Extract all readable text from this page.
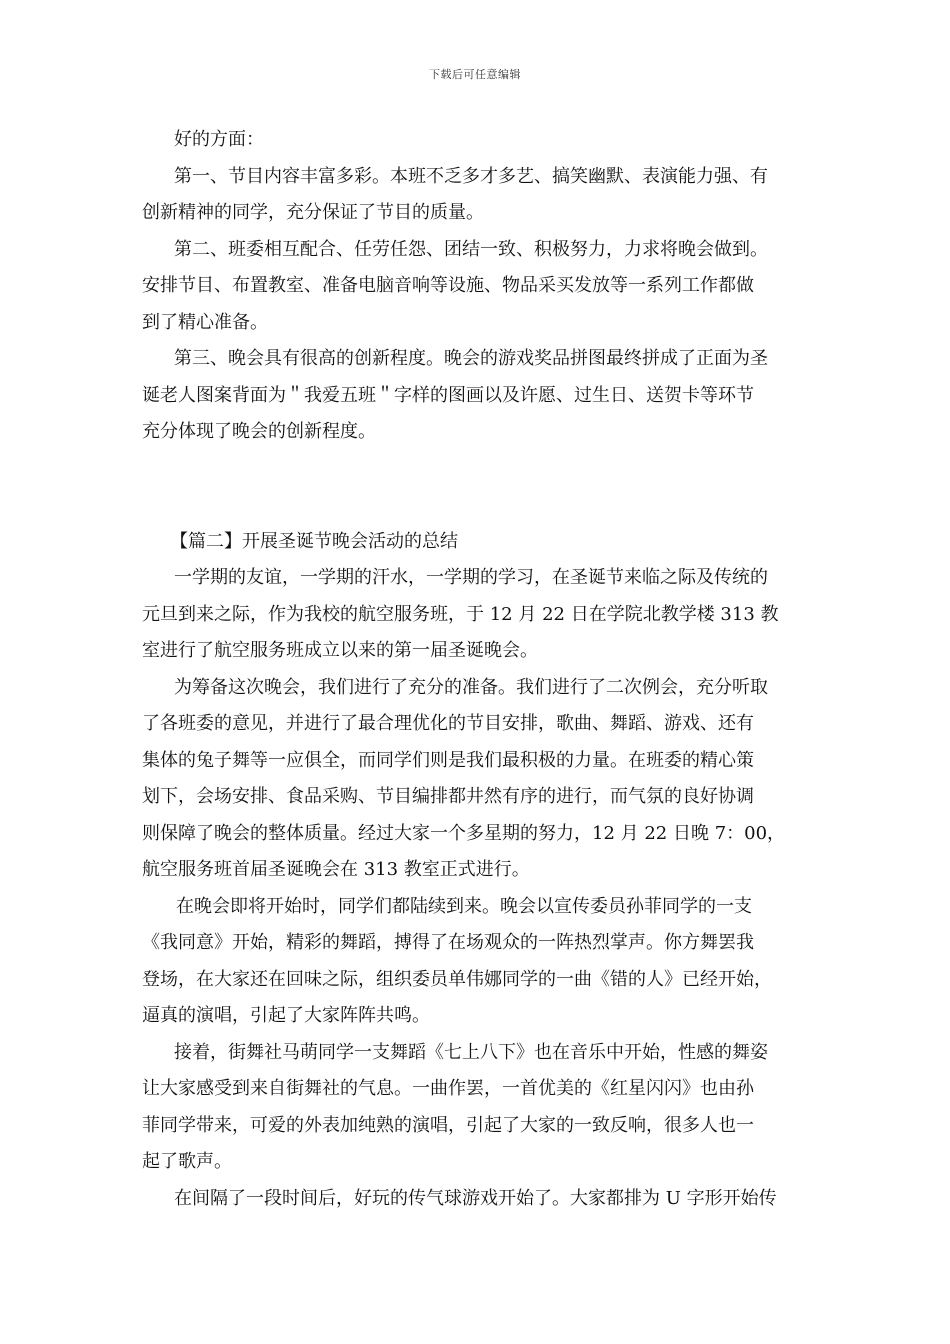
下载后可任意编辑
好的方面：
第一、节目内容丰富多彩。本班不乏多才多艺、搞笑幽默、表演能力强、有
创新精神的同学，充分保证了节目的质量。
第二、班委相互配合、任劳任怨、团结一致、积极努力，力求将晚会做到。
安排节目、布置教室、准备电脑音响等设施、物品采买发放等一系列工作都做
到了精心准备。
第三、晚会具有很高的创新程度。晚会的游戏奖品拼图最终拼成了正面为圣
诞老人图案背面为＂我爱五班＂字样的图画以及许愿、过生日、送贺卡等环节
充分体现了晚会的创新程度。
【篇二】开展圣诞节晚会活动的总结
一学期的友谊，一学期的汗水，一学期的学习，在圣诞节来临之际及传统的
元旦到来之际，作为我校的航空服务班，于 12 月 22 日在学院北教学楼 313 教
室进行了航空服务班成立以来的第一届圣诞晚会。
为筹备这次晚会，我们进行了充分的准备。我们进行了二次例会，充分听取
了各班委的意见，并进行了最合理优化的节目安排，歌曲、舞蹈、游戏、还有
集体的兔子舞等一应俱全，而同学们则是我们最积极的力量。在班委的精心策
划下，会场安排、食品采购、节目编排都井然有序的进行，而气氛的良好协调
则保障了晚会的整体质量。经过大家一个多星期的努力，12 月 22 日晚 7：00，
航空服务班首届圣诞晚会在 313 教室正式进行。
在晚会即将开始时，同学们都陆续到来。晚会以宣传委员孙菲同学的一支
《我同意》开始，精彩的舞蹈，搏得了在场观众的一阵热烈掌声。你方舞罢我
登场，在大家还在回味之际，组织委员单伟娜同学的一曲《错的人》已经开始，
逼真的演唱，引起了大家阵阵共鸣。
接着，街舞社马萌同学一支舞蹈《七上八下》也在音乐中开始，性感的舞姿
让大家感受到来自街舞社的气息。一曲作罢，一首优美的《红星闪闪》也由孙
菲同学带来，可爱的外表加纯熟的演唱，引起了大家的一致反响，很多人也一
起了歌声。
在间隔了一段时间后，好玩的传气球游戏开始了。大家都排为 U 字形开始传
